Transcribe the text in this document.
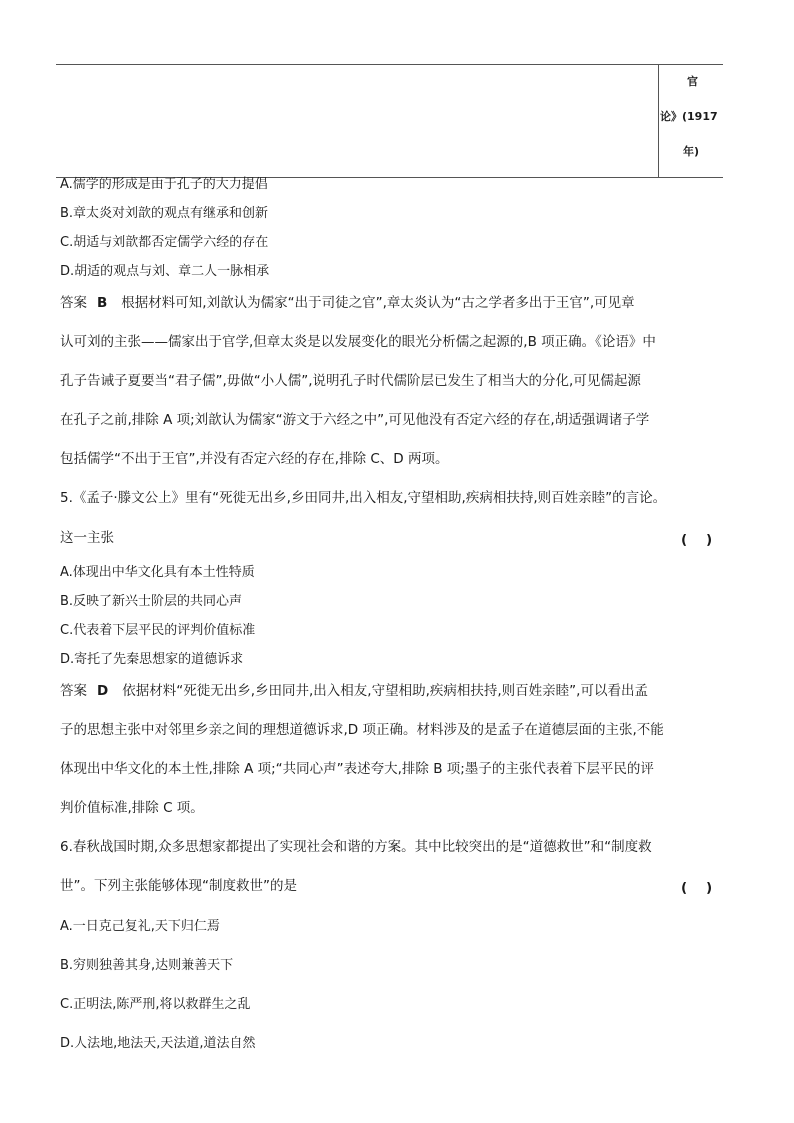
官
论》(1917
年)
A.儒学的形成是由于孔子的大力提倡
B.章太炎对刘歆的观点有继承和创新
C.胡适与刘歆都否定儒学六经的存在
D.胡适的观点与刘、章二人一脉相承
答案 B 根据材料可知,刘歆认为儒家“出于司徒之官”,章太炎认为“古之学者多出于王官”,可见章
认可刘的主张——儒家出于官学,但章太炎是以发展变化的眼光分析儒之起源的,B 项正确。《论语》中
孔子告诫子夏要当“君子儒”,毋做“小人儒”,说明孔子时代儒阶层已发生了相当大的分化,可见儒起源
在孔子之前,排除 A 项;刘歆认为儒家“游文于六经之中”,可见他没有否定六经的存在,胡适强调诸子学
包括儒学“不出于王官”,并没有否定六经的存在,排除 C、D 两项。
5.《孟子·滕文公上》里有“死徙无出乡,乡田同井,出入相友,守望相助,疾病相扶持,则百姓亲睦”的言论。
这一主张	(    )
A.体现出中华文化具有本土性特质
B.反映了新兴士阶层的共同心声
C.代表着下层平民的评判价值标准
D.寄托了先秦思想家的道德诉求
答案 D 依据材料“死徙无出乡,乡田同井,出入相友,守望相助,疾病相扶持,则百姓亲睦”,可以看出孟
子的思想主张中对邻里乡亲之间的理想道德诉求,D 项正确。材料涉及的是孟子在道德层面的主张,不能
体现出中华文化的本土性,排除 A 项;“共同心声”表述夸大,排除 B 项;墨子的主张代表着下层平民的评
判价值标准,排除 C 项。
6.春秋战国时期,众多思想家都提出了实现社会和谐的方案。其中比较突出的是“道德救世”和“制度救
世”。下列主张能够体现“制度救世”的是	(    )
A.一日克己复礼,天下归仁焉
B.穷则独善其身,达则兼善天下
C.正明法,陈严刑,将以救群生之乱
D.人法地,地法天,天法道,道法自然
